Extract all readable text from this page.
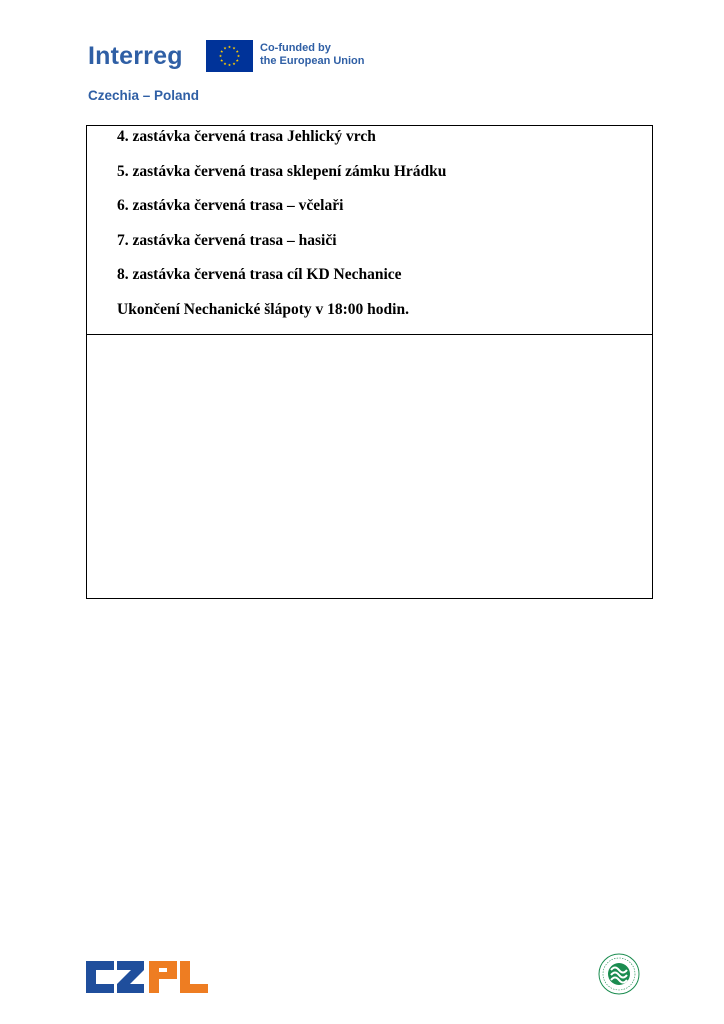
Interreg	Co-funded by
the European Union
Czechia – Poland
4. zastávka červená trasa Jehlický vrch
5. zastávka červená trasa sklepení zámku Hrádku
6. zastávka červená trasa – včelaři
7. zastávka červená trasa – hasiči
8. zastávka červená trasa cíl KD Nechanice
Ukončení Nechanické šlápoty v 18:00 hodin.
